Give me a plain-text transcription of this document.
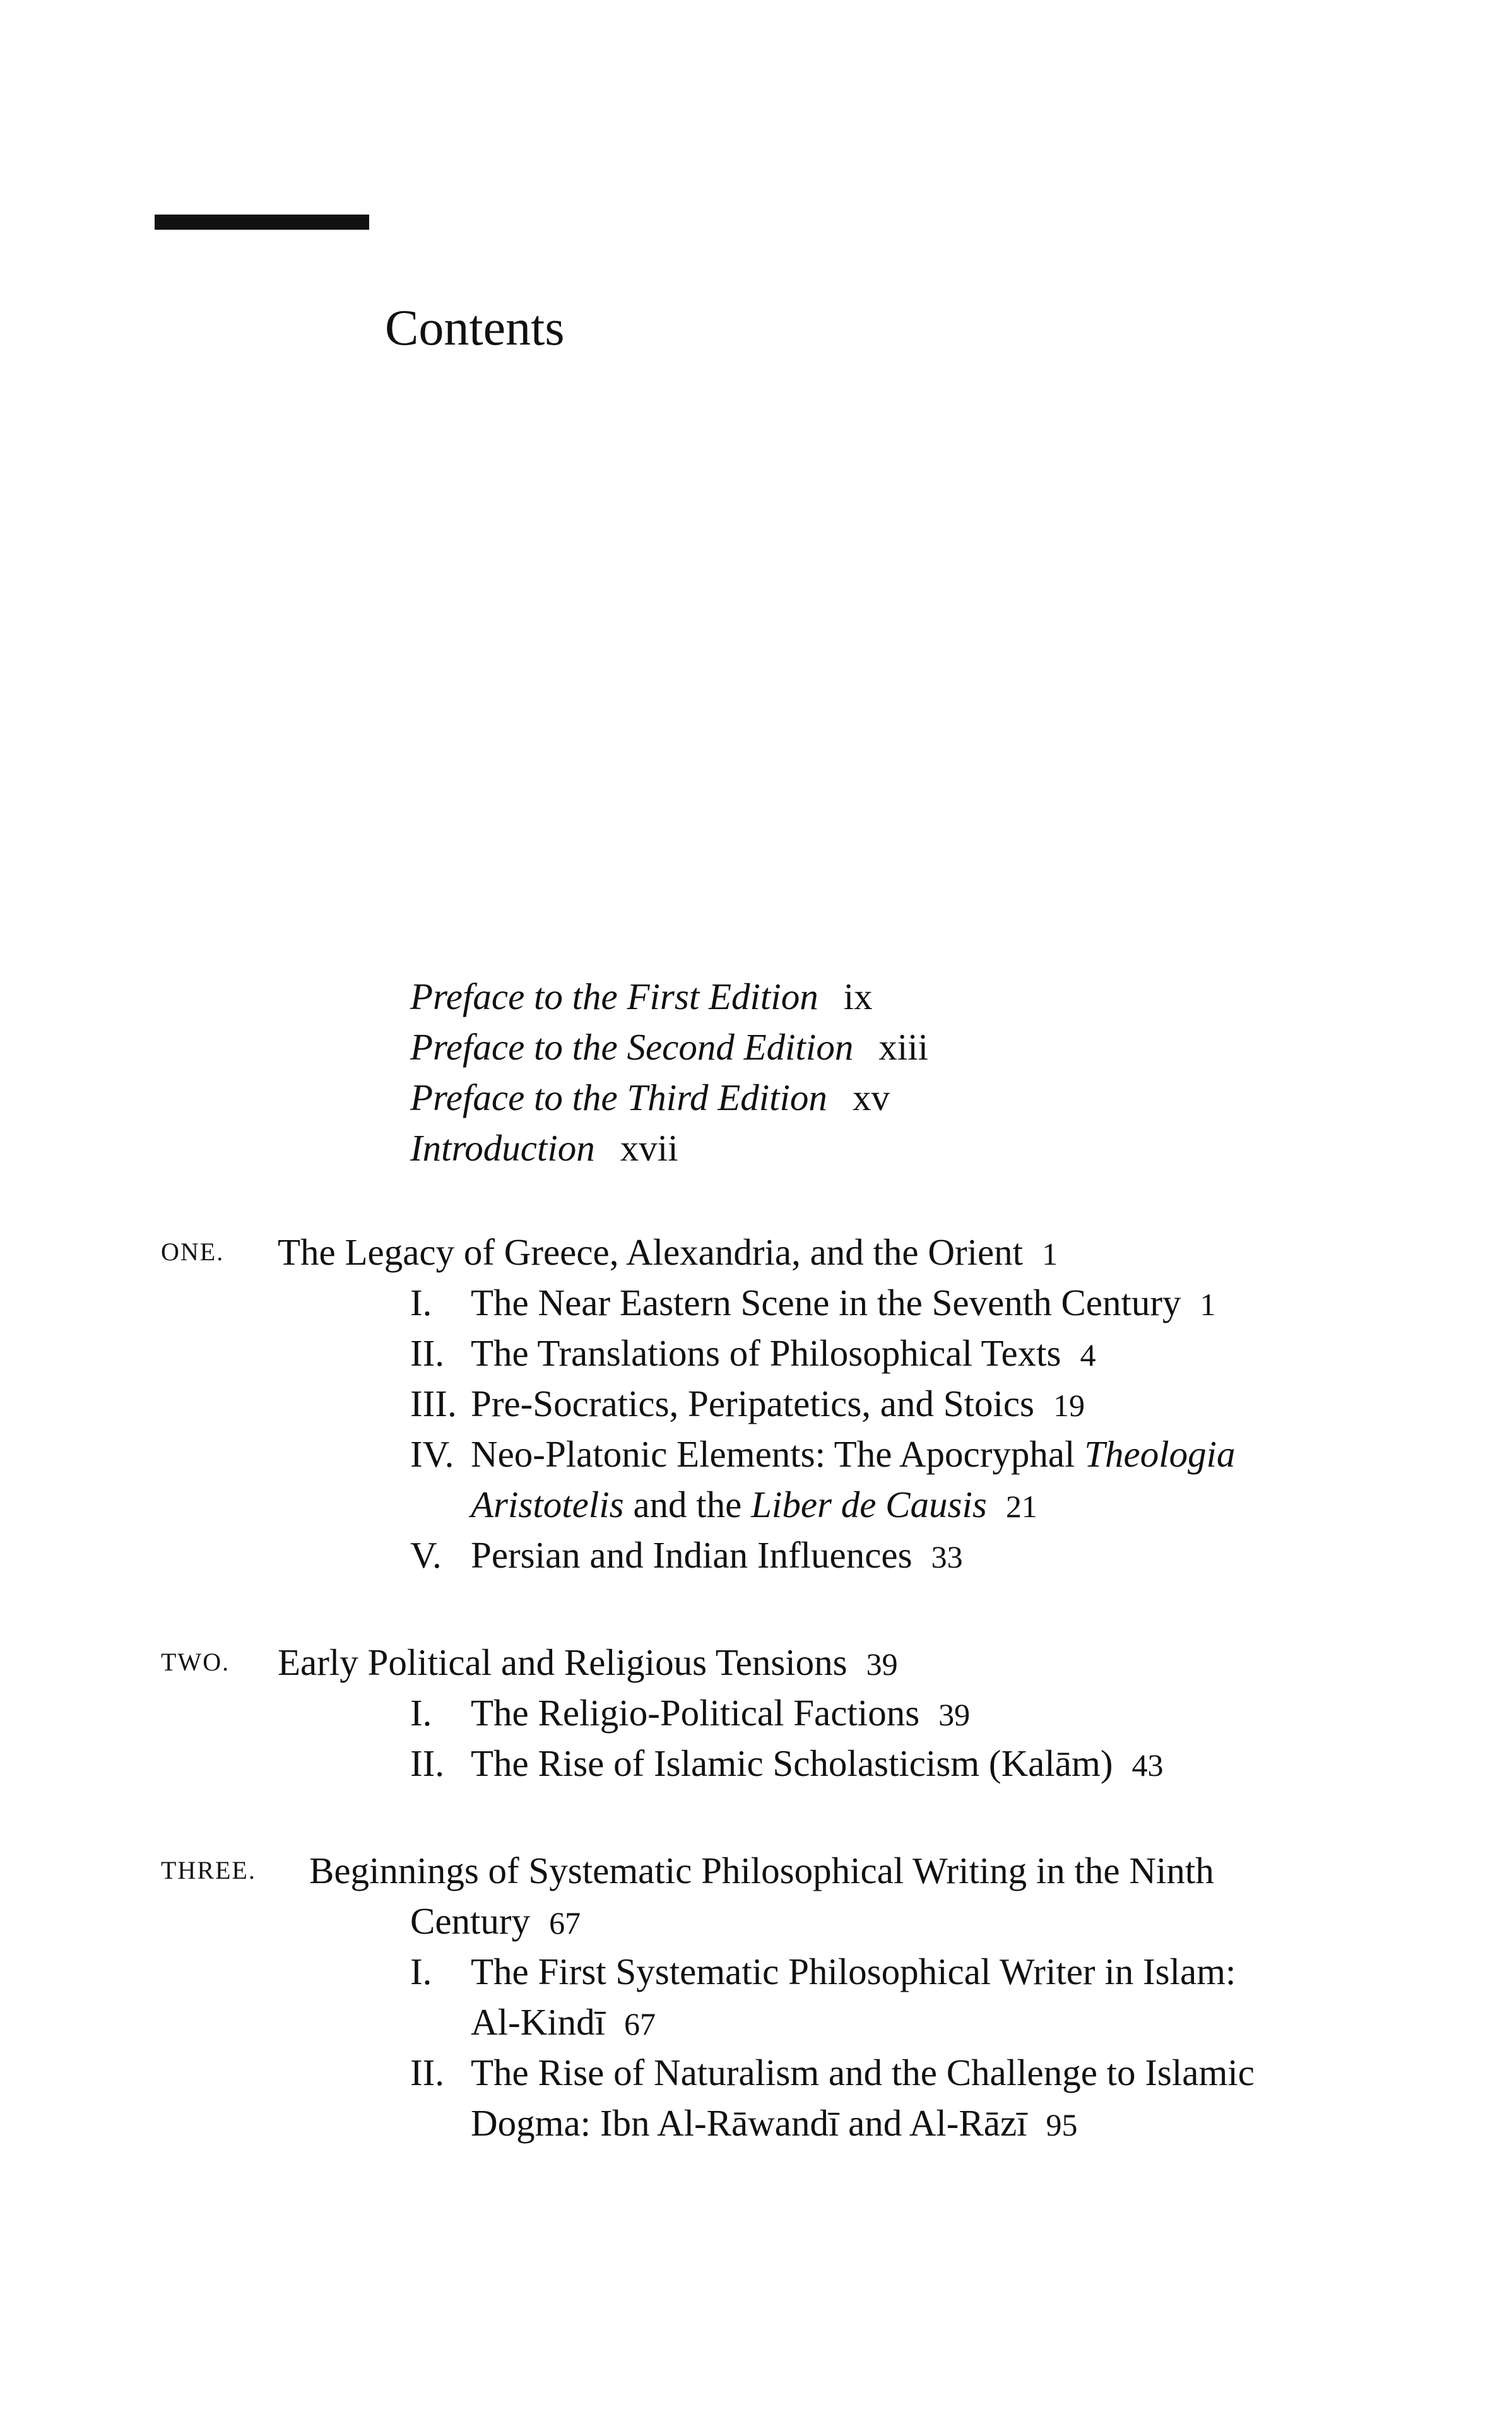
Contents
Preface to the First Edition ix
Preface to the Second Edition xiii
Preface to the Third Edition xv
Introduction xvii
ONE. The Legacy of Greece, Alexandria, and the Orient 1
I. The Near Eastern Scene in the Seventh Century 1
II. The Translations of Philosophical Texts 4
III. Pre-Socratics, Peripatetics, and Stoics 19
IV. Neo-Platonic Elements: The Apocryphal Theologia
Aristotelis and the Liber de Causis 21
V. Persian and Indian Influences 33
TWO. Early Political and Religious Tensions 39
I. The Religio-Political Factions 39
II. The Rise of Islamic Scholasticism (Kalām) 43
THREE. Beginnings of Systematic Philosophical Writing in the Ninth
Century 67
I. The First Systematic Philosophical Writer in Islam:
Al-Kindī 67
II. The Rise of Naturalism and the Challenge to Islamic
Dogma: Ibn Al-Rāwandī and Al-Rāzī 95
